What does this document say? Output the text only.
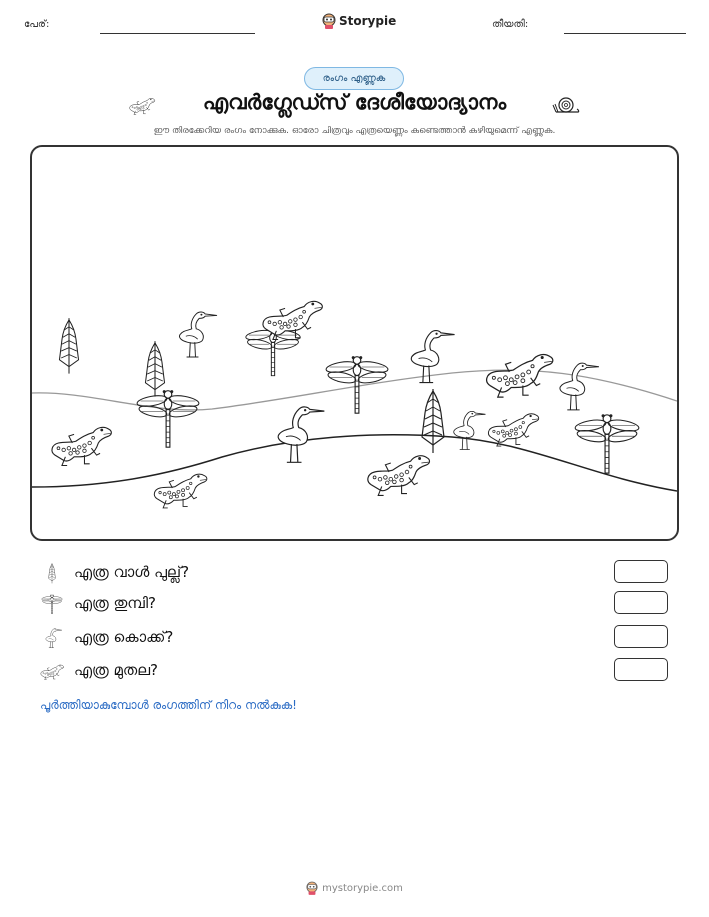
പേര്:	Storypie	തീയതി:
രംഗം എണ്ണുക
എവർഗ്ലേഡ്സ് ദേശീയോദ്യാനം
ഈ തിരക്കേറിയ രംഗം നോക്കുക. ഓരോ ചിത്രവും എത്രയെണ്ണം കണ്ടെത്താൻ കഴിയുമെന്ന് എണ്ണുക.
എത്ര വാൾ പുല്ല്?
എത്ര തുമ്പി?
എത്ര കൊക്ക്?
എത്ര മുതല?
പൂർത്തിയാകുമ്പോൾ രംഗത്തിന് നിറം നൽകുക!
mystorypie.com
